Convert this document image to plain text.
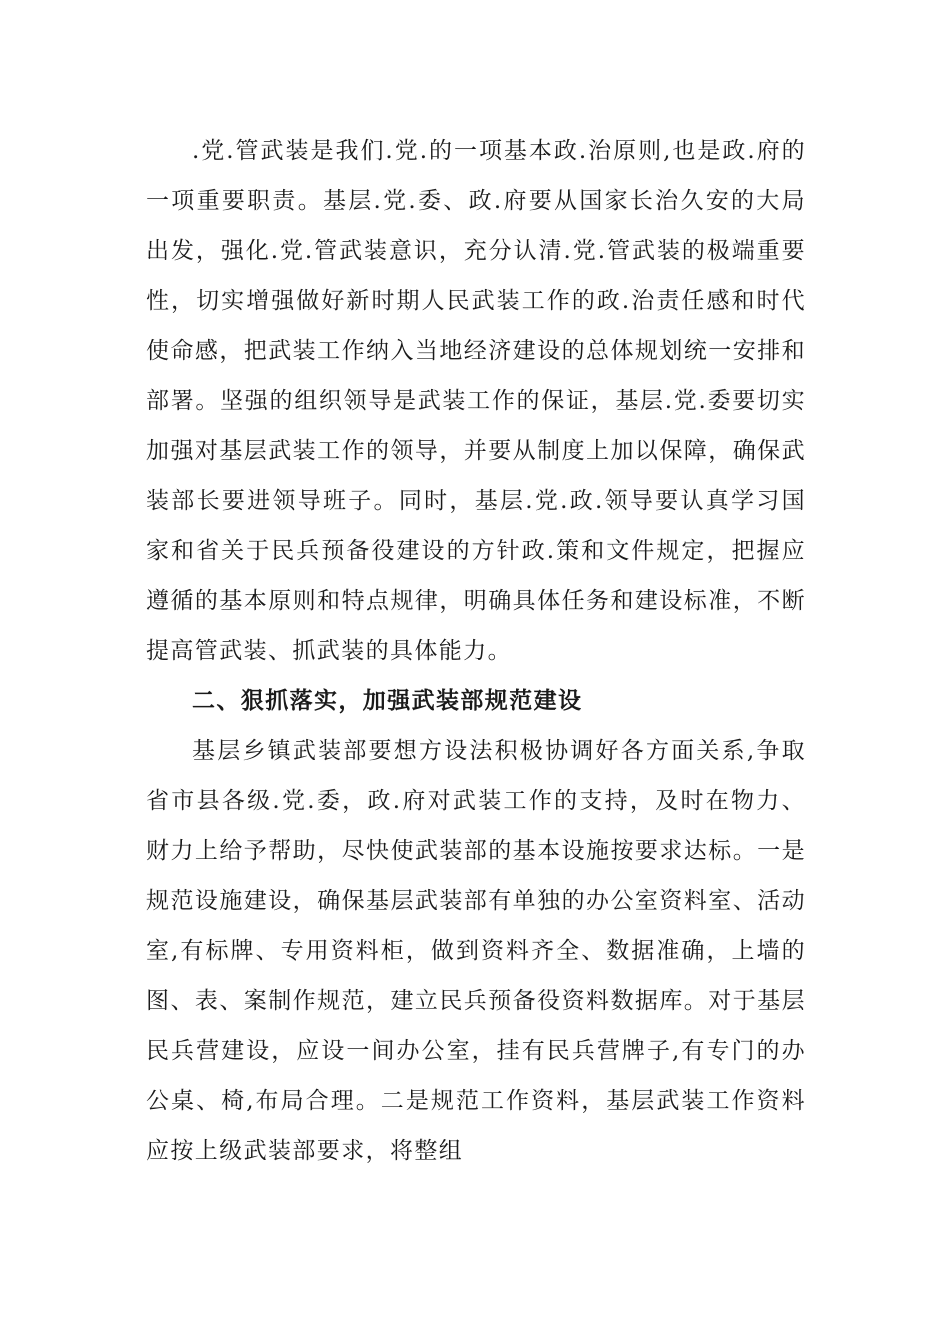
.党.管武装是我们.党.的一项基本政.治原则,也是政.府的一项重要职责。基层.党.委、政.府要从国家长治久安的大局出发，强化.党.管武装意识，充分认清.党.管武装的极端重要性，切实增强做好新时期人民武装工作的政.治责任感和时代使命感，把武装工作纳入当地经济建设的总体规划统一安排和部署。坚强的组织领导是武装工作的保证，基层.党.委要切实加强对基层武装工作的领导，并要从制度上加以保障，确保武装部长要进领导班子。同时，基层.党.政.领导要认真学习国家和省关于民兵预备役建设的方针政.策和文件规定，把握应遵循的基本原则和特点规律，明确具体任务和建设标准，不断提高管武装、抓武装的具体能力。

二、狠抓落实，加强武装部规范建设

基层乡镇武装部要想方设法积极协调好各方面关系,争取省市县各级.党.委，政.府对武装工作的支持，及时在物力、财力上给予帮助，尽快使武装部的基本设施按要求达标。一是规范设施建设，确保基层武装部有单独的办公室资料室、活动室,有标牌、专用资料柜，做到资料齐全、数据准确，上墙的图、表、案制作规范，建立民兵预备役资料数据库。对于基层民兵营建设，应设一间办公室，挂有民兵营牌子,有专门的办公桌、椅,布局合理。二是规范工作资料，基层武装工作资料应按上级武装部要求，将整组
